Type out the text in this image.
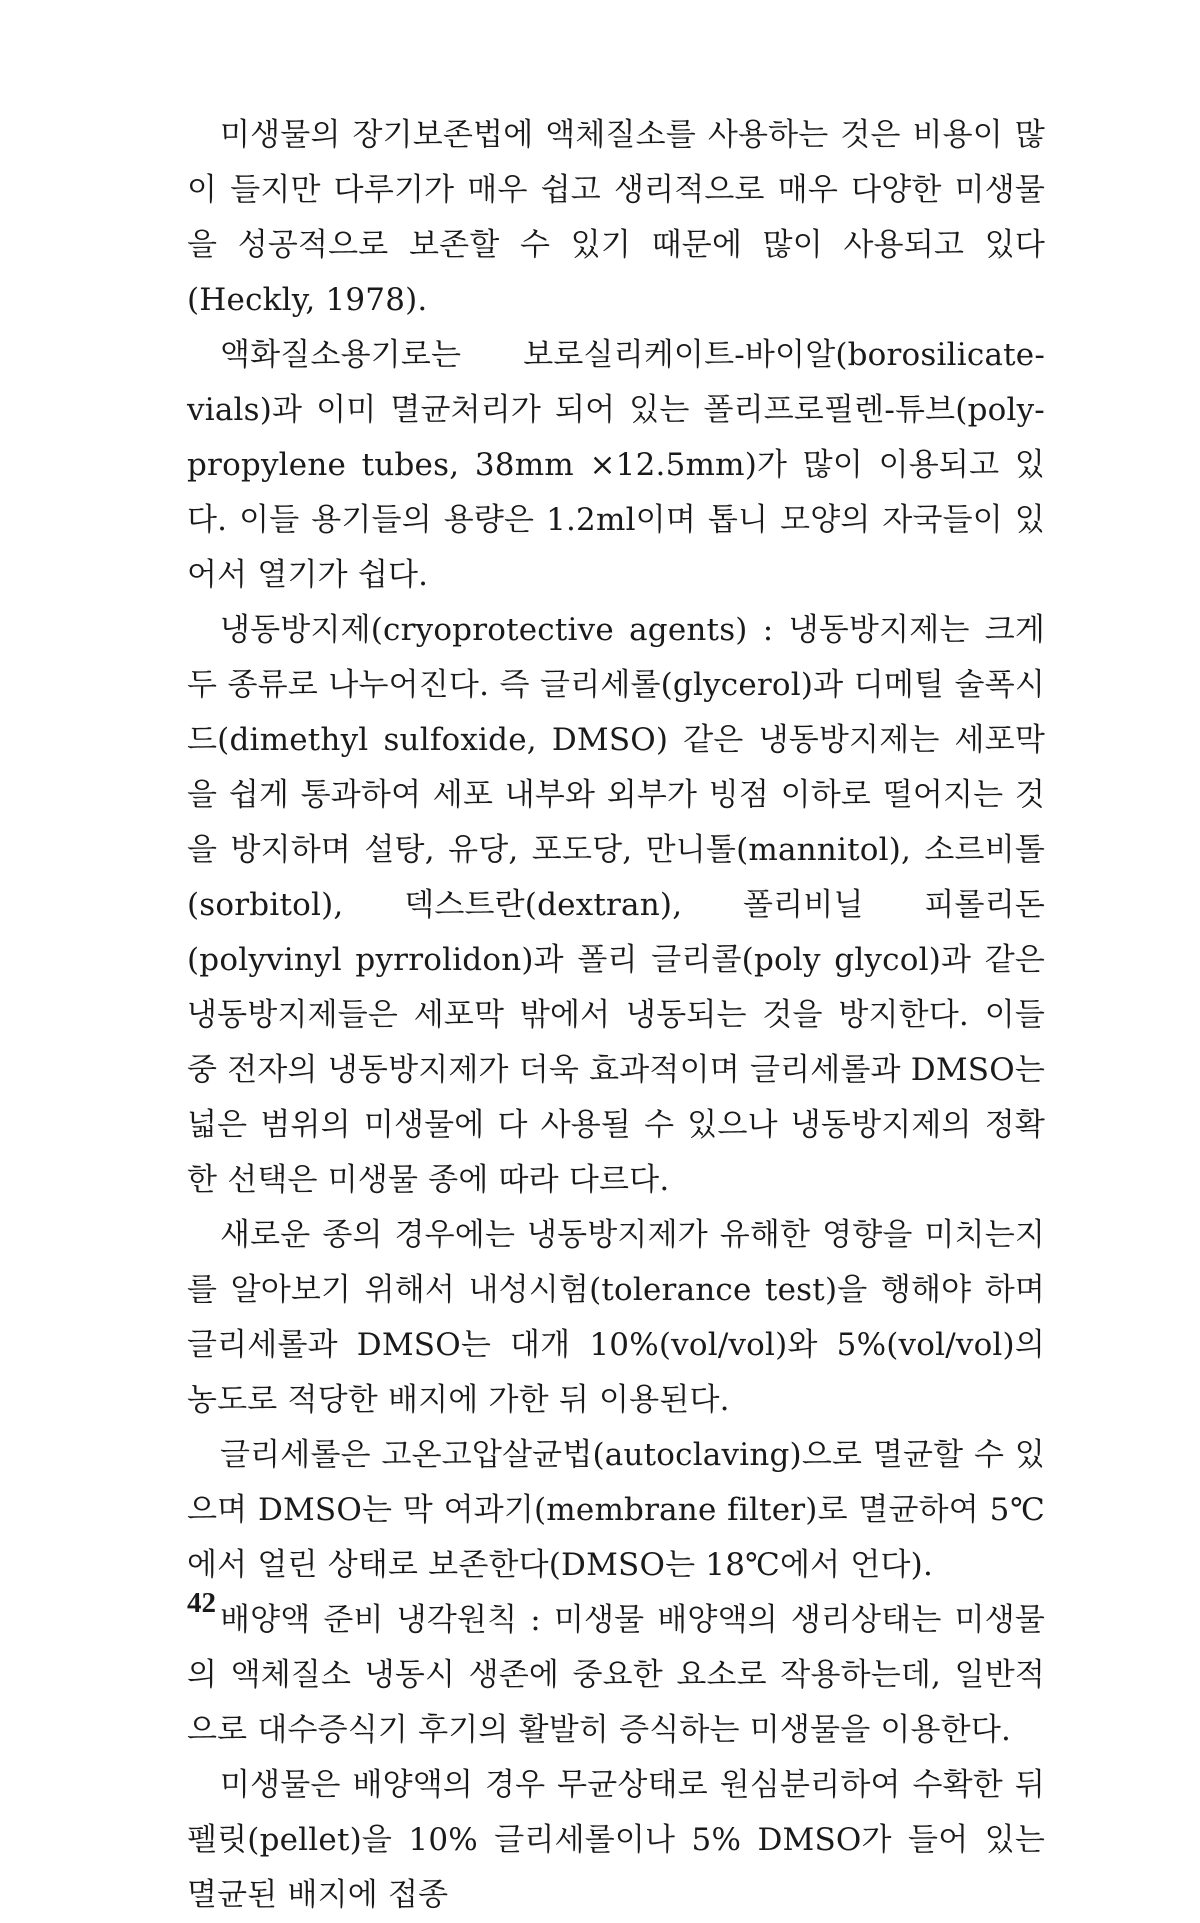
미생물의 장기보존법에 액체질소를 사용하는 것은 비용이 많이 들지만 다루기가 매우 쉽고 생리적으로 매우 다양한 미생물을 성공적으로 보존할 수 있기 때문에 많이 사용되고 있다(Heckly, 1978).

액화질소용기로는 보로실리케이트-바이알(borosilicate-vials)과 이미 멸균처리가 되어 있는 폴리프로필렌-튜브(poly-propylene tubes, 38mm ×12.5mm)가 많이 이용되고 있다. 이들 용기들의 용량은 1.2ml이며 톱니 모양의 자국들이 있어서 열기가 쉽다.

냉동방지제(cryoprotective agents) : 냉동방지제는 크게 두 종류로 나누어진다. 즉 글리세롤(glycerol)과 디메틸 술폭시드(dimethyl sulfoxide, DMSO) 같은 냉동방지제는 세포막을 쉽게 통과하여 세포 내부와 외부가 빙점 이하로 떨어지는 것을 방지하며 설탕, 유당, 포도당, 만니톨(mannitol), 소르비톨(sorbitol), 덱스트란(dextran), 폴리비닐 피롤리돈(polyvinyl pyrrolidon)과 폴리 글리콜(poly glycol)과 같은 냉동방지제들은 세포막 밖에서 냉동되는 것을 방지한다. 이들 중 전자의 냉동방지제가 더욱 효과적이며 글리세롤과 DMSO는 넓은 범위의 미생물에 다 사용될 수 있으나 냉동방지제의 정확한 선택은 미생물 종에 따라 다르다.

새로운 종의 경우에는 냉동방지제가 유해한 영향을 미치는지를 알아보기 위해서 내성시험(tolerance test)을 행해야 하며 글리세롤과 DMSO는 대개 10%(vol/vol)와 5%(vol/vol)의 농도로 적당한 배지에 가한 뒤 이용된다.

글리세롤은 고온고압살균법(autoclaving)으로 멸균할 수 있으며 DMSO는 막 여과기(membrane filter)로 멸균하여 5℃에서 얼린 상태로 보존한다(DMSO는 18℃에서 언다).

배양액 준비 냉각원칙 : 미생물 배양액의 생리상태는 미생물의 액체질소 냉동시 생존에 중요한 요소로 작용하는데, 일반적으로 대수증식기 후기의 활발히 증식하는 미생물을 이용한다.

미생물은 배양액의 경우 무균상태로 원심분리하여 수확한 뒤 펠릿(pellet)을 10% 글리세롤이나 5% DMSO가 들어 있는 멸균된 배지에 접종

42
